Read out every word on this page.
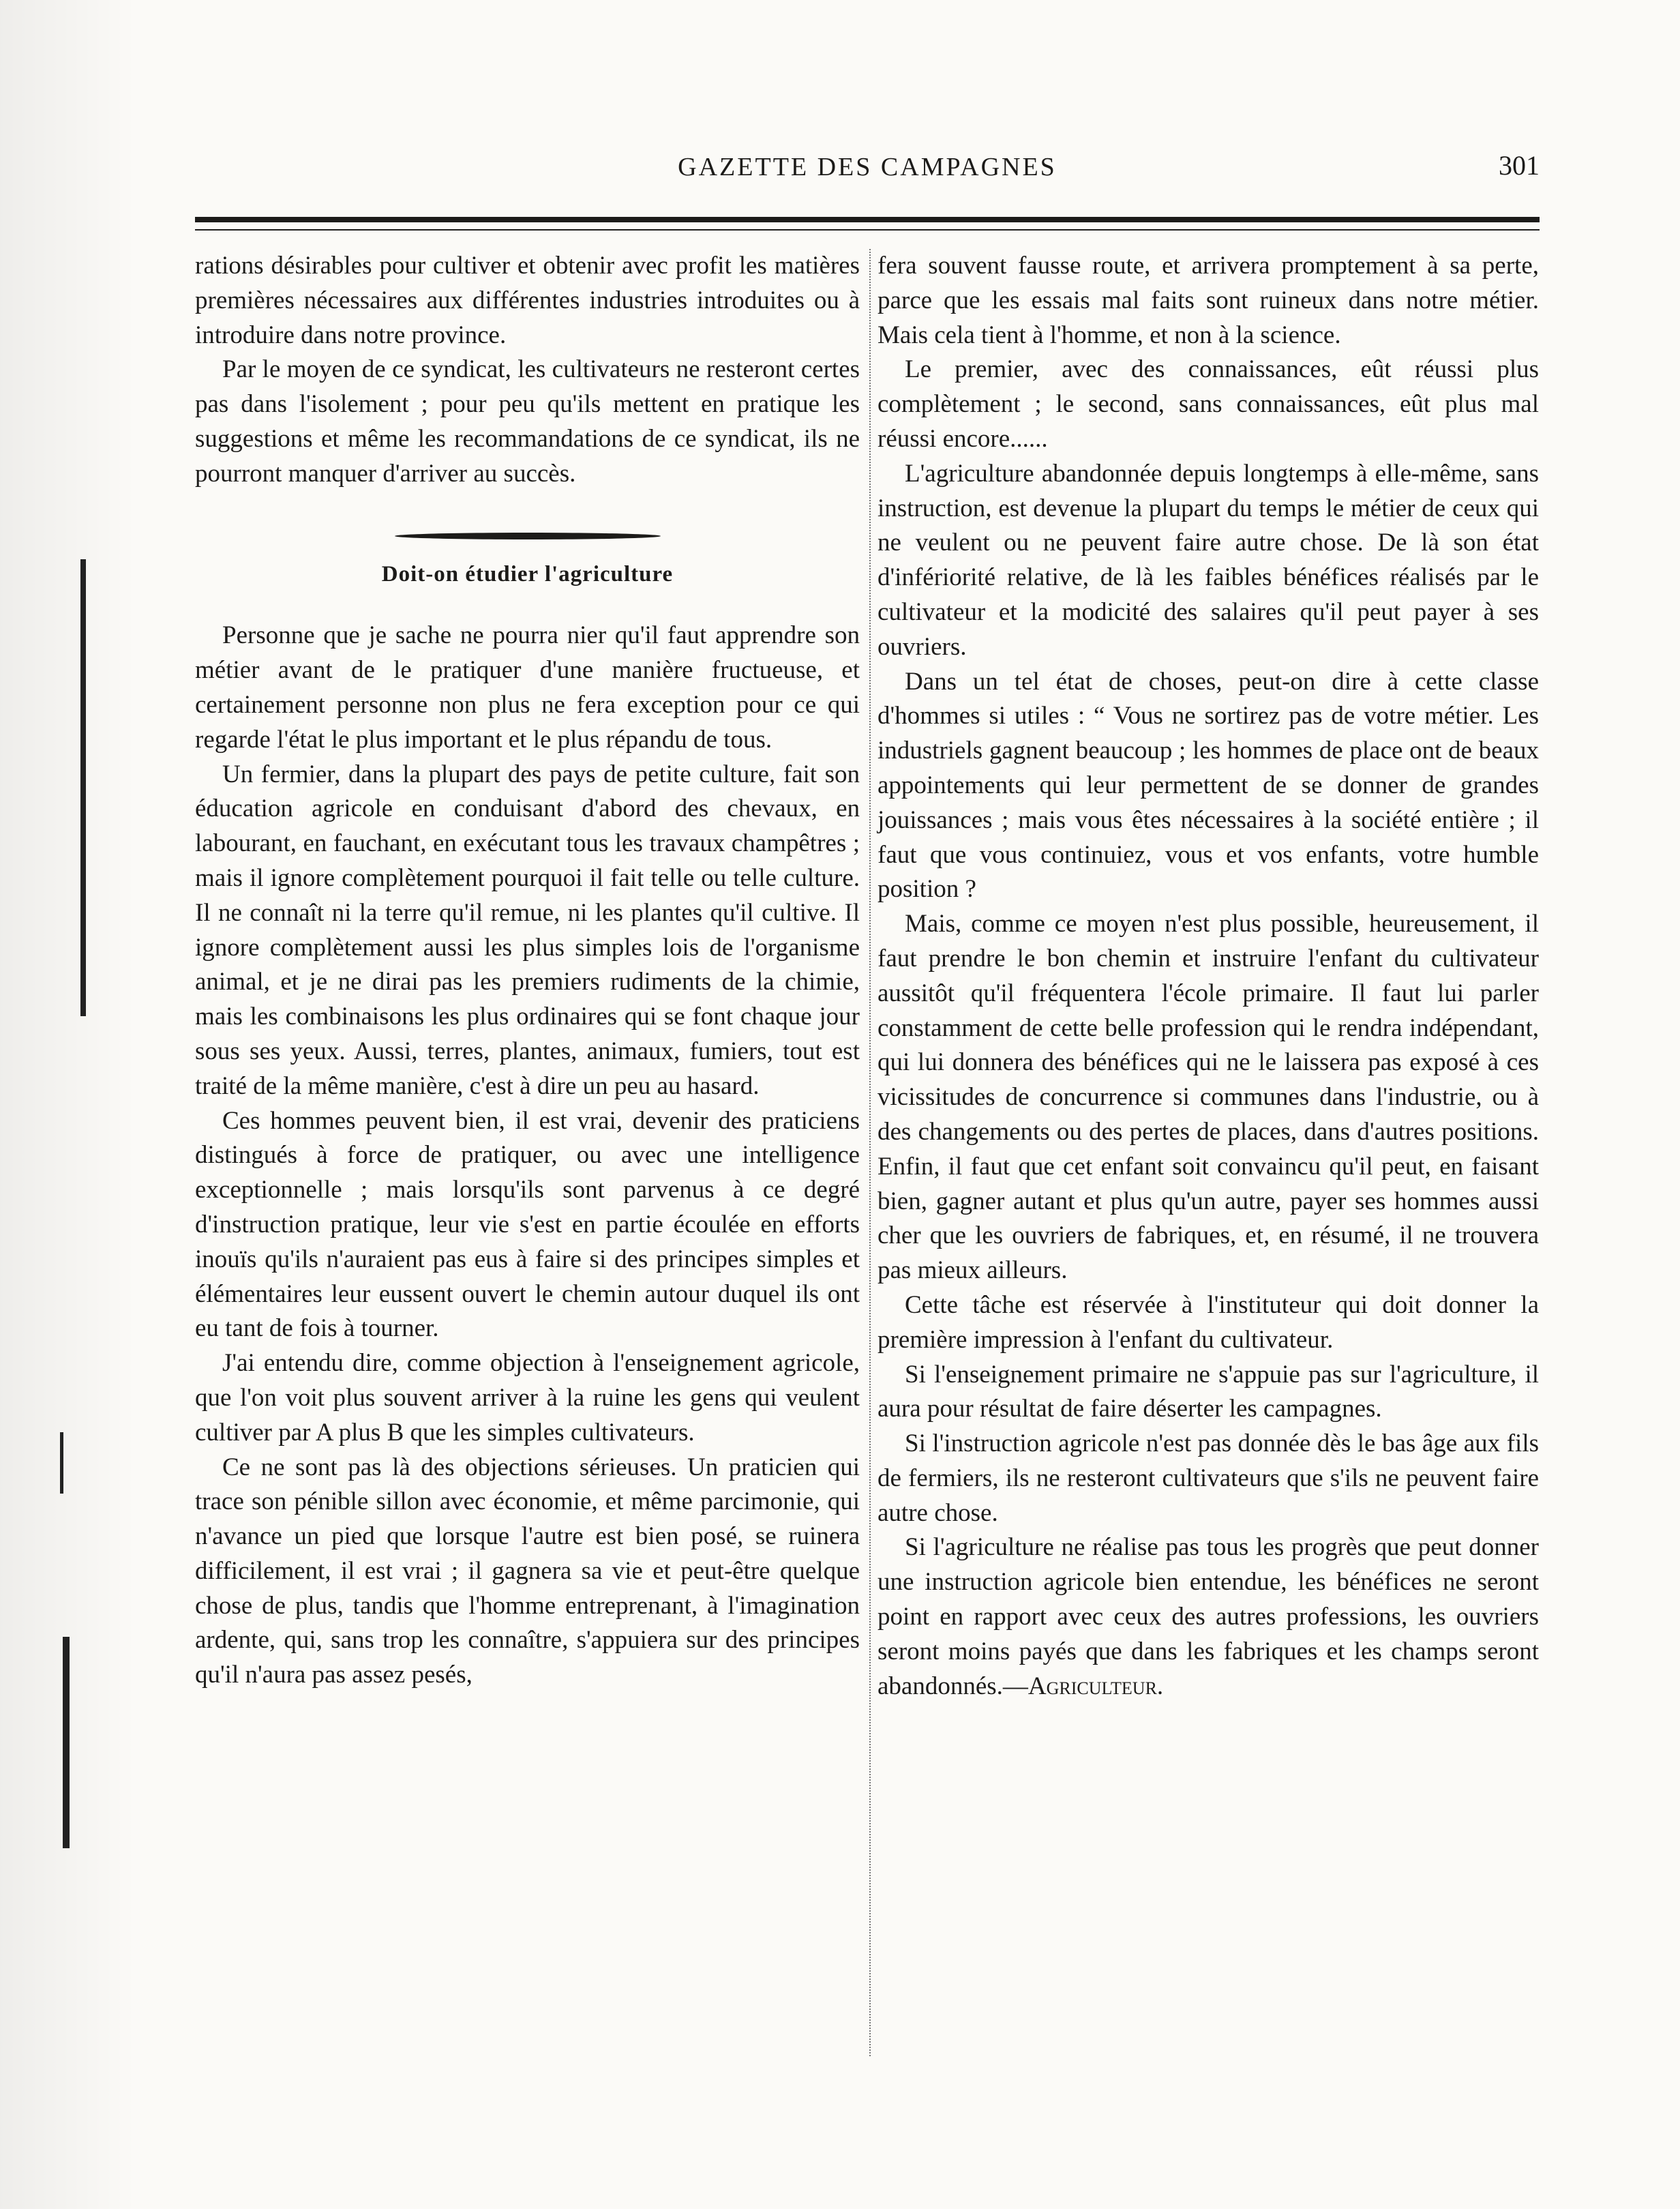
GAZETTE DES CAMPAGNES	301

rations désirables pour cultiver et obtenir avec profit les matières premières nécessaires aux différentes industries introduites ou à introduire dans notre province.

Par le moyen de ce syndicat, les cultivateurs ne resteront certes pas dans l'isolement ; pour peu qu'ils mettent en pratique les suggestions et même les recommandations de ce syndicat, ils ne pourront manquer d'arriver au succès.

Doit-on étudier l'agriculture

Personne que je sache ne pourra nier qu'il faut apprendre son métier avant de le pratiquer d'une manière fructueuse, et certainement personne non plus ne fera exception pour ce qui regarde l'état le plus important et le plus répandu de tous.

Un fermier, dans la plupart des pays de petite culture, fait son éducation agricole en conduisant d'abord des chevaux, en labourant, en fauchant, en exécutant tous les travaux champêtres ; mais il ignore complètement pourquoi il fait telle ou telle culture. Il ne connaît ni la terre qu'il remue, ni les plantes qu'il cultive. Il ignore complètement aussi les plus simples lois de l'organisme animal, et je ne dirai pas les premiers rudiments de la chimie, mais les combinaisons les plus ordinaires qui se font chaque jour sous ses yeux. Aussi, terres, plantes, animaux, fumiers, tout est traité de la même manière, c'est à dire un peu au hasard.

Ces hommes peuvent bien, il est vrai, devenir des praticiens distingués à force de pratiquer, ou avec une intelligence exceptionnelle ; mais lorsqu'ils sont parvenus à ce degré d'instruction pratique, leur vie s'est en partie écoulée en efforts inouïs qu'ils n'auraient pas eus à faire si des principes simples et élémentaires leur eussent ouvert le chemin autour duquel ils ont eu tant de fois à tourner.

J'ai entendu dire, comme objection à l'enseignement agricole, que l'on voit plus souvent arriver à la ruine les gens qui veulent cultiver par A plus B que les simples cultivateurs.

Ce ne sont pas là des objections sérieuses. Un praticien qui trace son pénible sillon avec économie, et même parcimonie, qui n'avance un pied que lorsque l'autre est bien posé, se ruinera difficilement, il est vrai ; il gagnera sa vie et peut-être quelque chose de plus, tandis que l'homme entreprenant, à l'imagination ardente, qui, sans trop les connaître, s'appuiera sur des principes qu'il n'aura pas assez pesés,

fera souvent fausse route, et arrivera promptement à sa perte, parce que les essais mal faits sont ruineux dans notre métier. Mais cela tient à l'homme, et non à la science.

Le premier, avec des connaissances, eût réussi plus complètement ; le second, sans connaissances, eût plus mal réussi encore......

L'agriculture abandonnée depuis longtemps à elle-même, sans instruction, est devenue la plupart du temps le métier de ceux qui ne veulent ou ne peuvent faire autre chose. De là son état d'infériorité relative, de là les faibles bénéfices réalisés par le cultivateur et la modicité des salaires qu'il peut payer à ses ouvriers.

Dans un tel état de choses, peut-on dire à cette classe d'hommes si utiles : “ Vous ne sortirez pas de votre métier. Les industriels gagnent beaucoup ; les hommes de place ont de beaux appointements qui leur permettent de se donner de grandes jouissances ; mais vous êtes nécessaires à la société entière ; il faut que vous continuiez, vous et vos enfants, votre humble position ?

Mais, comme ce moyen n'est plus possible, heureusement, il faut prendre le bon chemin et instruire l'enfant du cultivateur aussitôt qu'il fréquentera l'école primaire. Il faut lui parler constamment de cette belle profession qui le rendra indépendant, qui lui donnera des bénéfices qui ne le laissera pas exposé à ces vicissitudes de concurrence si communes dans l'industrie, ou à des changements ou des pertes de places, dans d'autres positions. Enfin, il faut que cet enfant soit convaincu qu'il peut, en faisant bien, gagner autant et plus qu'un autre, payer ses hommes aussi cher que les ouvriers de fabriques, et, en résumé, il ne trouvera pas mieux ailleurs.

Cette tâche est réservée à l'instituteur qui doit donner la première impression à l'enfant du cultivateur.

Si l'enseignement primaire ne s'appuie pas sur l'agriculture, il aura pour résultat de faire déserter les campagnes.

Si l'instruction agricole n'est pas donnée dès le bas âge aux fils de fermiers, ils ne resteront cultivateurs que s'ils ne peuvent faire autre chose.

Si l'agriculture ne réalise pas tous les progrès que peut donner une instruction agricole bien entendue, les bénéfices ne seront point en rapport avec ceux des autres professions, les ouvriers seront moins payés que dans les fabriques et les champs seront abandonnés.—Agriculteur.
